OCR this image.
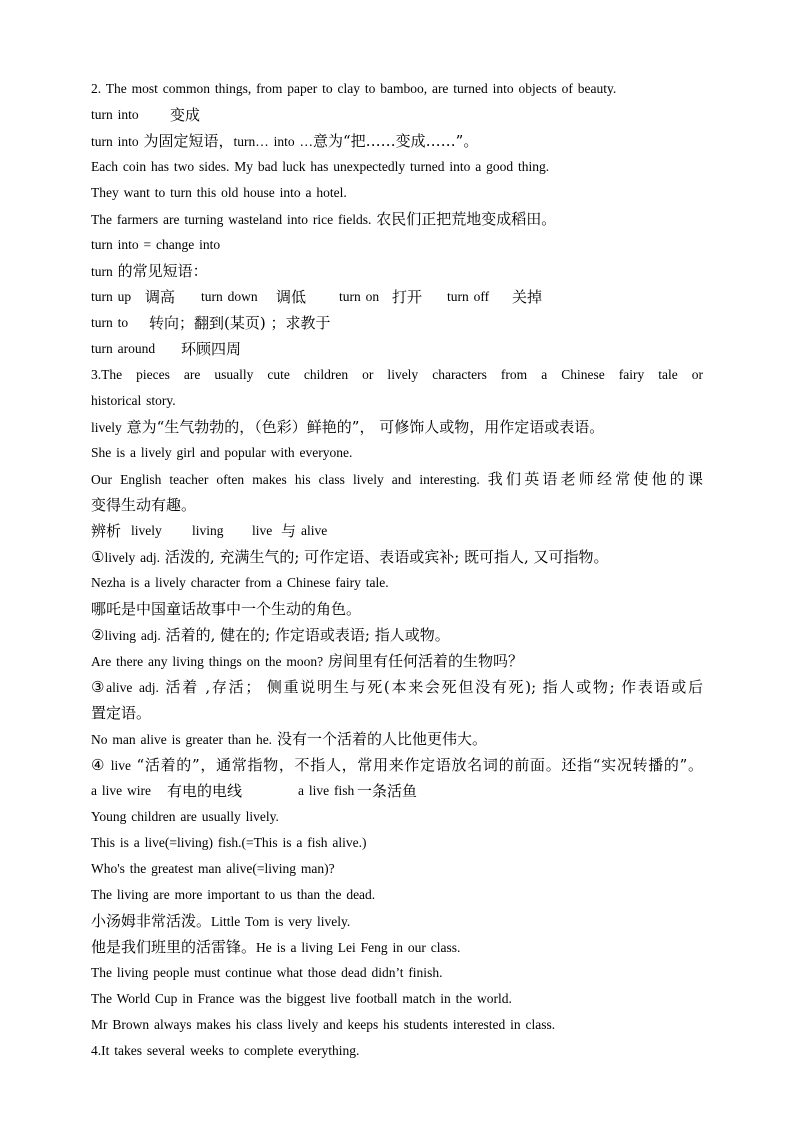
2. The most common things, from paper to clay to bamboo, are turned into objects of beauty.
turn into 变成
turn into 为固定短语，turn… into …意为“把……变成……”。
Each coin has two sides. My bad luck has unexpectedly turned into a good thing.
They want to turn this old house into a hotel.
The farmers are turning wasteland into rice fields. 农民们正把荒地变成稻田。
turn into = change into
turn 的常见短语：
turn up 调高 turn down 调低 turn on 打开 turn off 关掉
turn to 转向；翻到(某页) ；求教于
turn around 环顾四周
3.The pieces are usually cute children or lively characters from a Chinese fairy tale or
historical story.
lively 意为“生气勃勃的，（色彩）鲜艳的”， 可修饰人或物，用作定语或表语。
She is a lively girl and popular with everyone.
Our English teacher often makes his class lively and interesting. 我们英语老师经常使他的课
变得生动有趣。
辨析 lively living live 与 alive
①lively adj. 活泼的, 充满生气的; 可作定语、表语或宾补; 既可指人, 又可指物。
Nezha is a lively character from a Chinese fairy tale.
哪吒是中国童话故事中一个生动的角色。
②living adj. 活着的, 健在的; 作定语或表语; 指人或物。
Are there any living things on the moon? 房间里有任何活着的生物吗？
③alive adj. 活着 ,存活； 侧重说明生与死(本来会死但没有死); 指人或物; 作表语或后
置定语。
No man alive is greater than he. 没有一个活着的人比他更伟大。
④ live “活着的”，通常指物，不指人，常用来作定语放名词的前面。还指“实况转播的”。
a live wire 有电的电线	a live fish 一条活鱼
Young children are usually lively.
This is a live(=living) fish.(=This is a fish alive.)
Who's the greatest man alive(=living man)?
The living are more important to us than the dead.
小汤姆非常活泼。Little Tom is very lively.
他是我们班里的活雷锋。He is a living Lei Feng in our class.
The living people must continue what those dead didn’t finish.
The World Cup in France was the biggest live football match in the world.
Mr Brown always makes his class lively and keeps his students interested in class.
4.It takes several weeks to complete everything.
